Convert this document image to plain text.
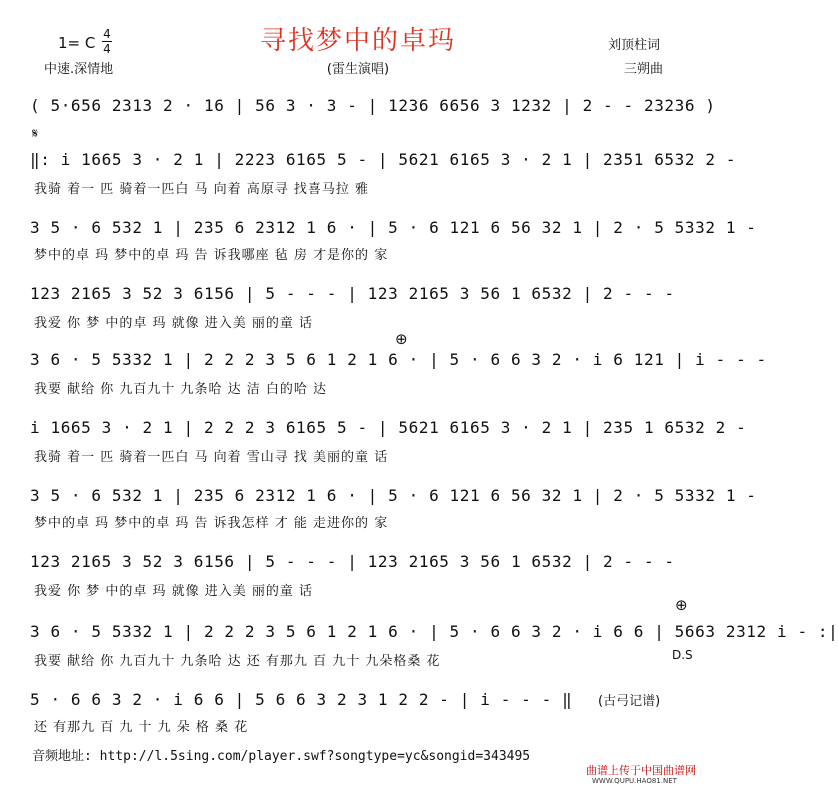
寻找梦中的卓玛
1= C 4
4
中速.深情地	(雷生演唱)
刘顶柱词
三朔曲
𝄋
⊕
⊕
D.S
( 5·656 2313 2 · 16 | 56 3 · 3 - | 1236 6656 3 1232 | 2 - - 23236 )
‖: i 1665 3 · 2 1 | 2223 6165 5 - | 5621 6165 3 · 2 1 | 2351 6532 2 -
我骑 着一 匹 骑着一匹白 马 向着 高原寻 找喜马拉 雅
3 5 · 6 532 1 | 235 6 2312 1 6 · | 5 · 6 121 6 56 32 1 | 2 · 5 5332 1 -
梦中的卓 玛 梦中的卓 玛 告 诉我哪座 毡 房 才是你的 家
123 2165 3 52 3 6156 | 5 - - - | 123 2165 3 56 1 6532 | 2 - - -
我爱 你 梦 中的卓 玛 就像 进入美 丽的童 话
3 6 · 5 5332 1 | 2 2 2 3 5 6 1 2 1 6 · | 5 · 6 6 3 2 · i 6 121 | i - - -
我要 献给 你 九百九十 九条哈 达 洁 白的哈 达
i 1665 3 · 2 1 | 2 2 2 3 6165 5 - | 5621 6165 3 · 2 1 | 235 1 6532 2 -
我骑 着一 匹 骑着一匹白 马 向着 雪山寻 找 美丽的童 话
3 5 · 6 532 1 | 235 6 2312 1 6 · | 5 · 6 121 6 56 32 1 | 2 · 5 5332 1 -
梦中的卓 玛 梦中的卓 玛 告 诉我怎样 才 能 走进你的 家
123 2165 3 52 3 6156 | 5 - - - | 123 2165 3 56 1 6532 | 2 - - -
我爱 你 梦 中的卓 玛 就像 进入美 丽的童 话
3 6 · 5 5332 1 | 2 2 2 3 5 6 1 2 1 6 · | 5 · 6 6 3 2 · i 6 6 | 5663 2312 i - :|
我要 献给 你 九百九十 九条哈 达 还 有那九 百 九十 九朵格桑 花
5 · 6 6 3 2 · i 6 6 | 5 6 6 3 2 3 1 2 2 - | i - - - ‖
还 有那九 百 九 十 九 朵 格 桑 花
(古弓记谱)
音频地址: http://l.5sing.com/player.swf?songtype=yc&songid=343495
曲谱上传于中国曲谱网
WWW.QUPU.HAO81.NET
